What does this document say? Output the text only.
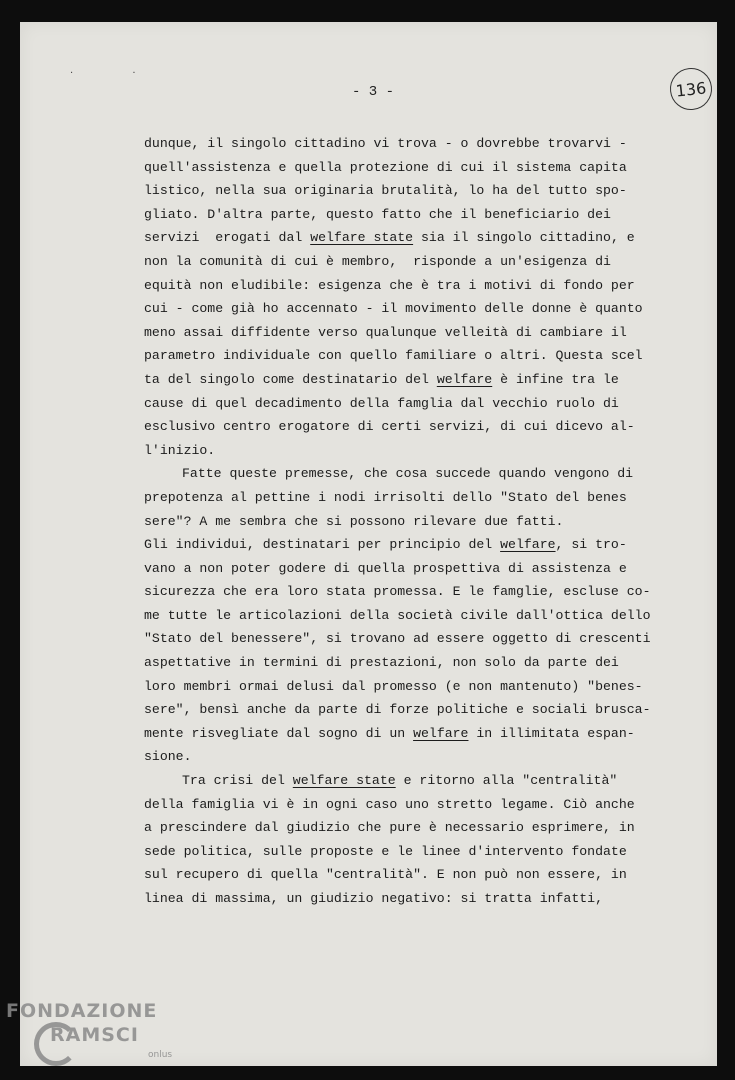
· ·
- 3 -	136
dunque, il singolo cittadino vi trova - o dovrebbe trovarvi -
quell'assistenza e quella protezione di cui il sistema capita
listico, nella sua originaria brutalità, lo ha del tutto spo-
gliato. D'altra parte, questo fatto che il beneficiario dei
servizi  erogati dal welfare state sia il singolo cittadino, e
non la comunità di cui è membro,  risponde a un'esigenza di
equità non eludibile: esigenza che è tra i motivi di fondo per
cui - come già ho accennato - il movimento delle donne è quanto
meno assai diffidente verso qualunque velleità di cambiare il
parametro individuale con quello familiare o altri. Questa scel
ta del singolo come destinatario del welfare è infine tra le
cause di quel decadimento della famglia dal vecchio ruolo di
esclusivo centro erogatore di certi servizi, di cui dicevo al-
l'inizio.
Fatte queste premesse, che cosa succede quando vengono di
prepotenza al pettine i nodi irrisolti dello "Stato del benes
sere"? A me sembra che si possono rilevare due fatti.
Gli individui, destinatari per principio del welfare, si tro-
vano a non poter godere di quella prospettiva di assistenza e
sicurezza che era loro stata promessa. E le famglie, escluse co-
me tutte le articolazioni della società civile dall'ottica dello
"Stato del benessere", si trovano ad essere oggetto di crescenti
aspettative in termini di prestazioni, non solo da parte dei
loro membri ormai delusi dal promesso (e non mantenuto) "benes-
sere", bensì anche da parte di forze politiche e sociali brusca-
mente risvegliate dal sogno di un welfare in illimitata espan-
sione.
Tra crisi del welfare state e ritorno alla "centralità"
della famiglia vi è in ogni caso uno stretto legame. Ciò anche
a prescindere dal giudizio che pure è necessario esprimere, in
sede politica, sulle proposte e le linee d'intervento fondate
sul recupero di quella "centralità". E non può non essere, in
linea di massima, un giudizio negativo: si tratta infatti,
FONDAZIONE
RAMSCI
onlus
